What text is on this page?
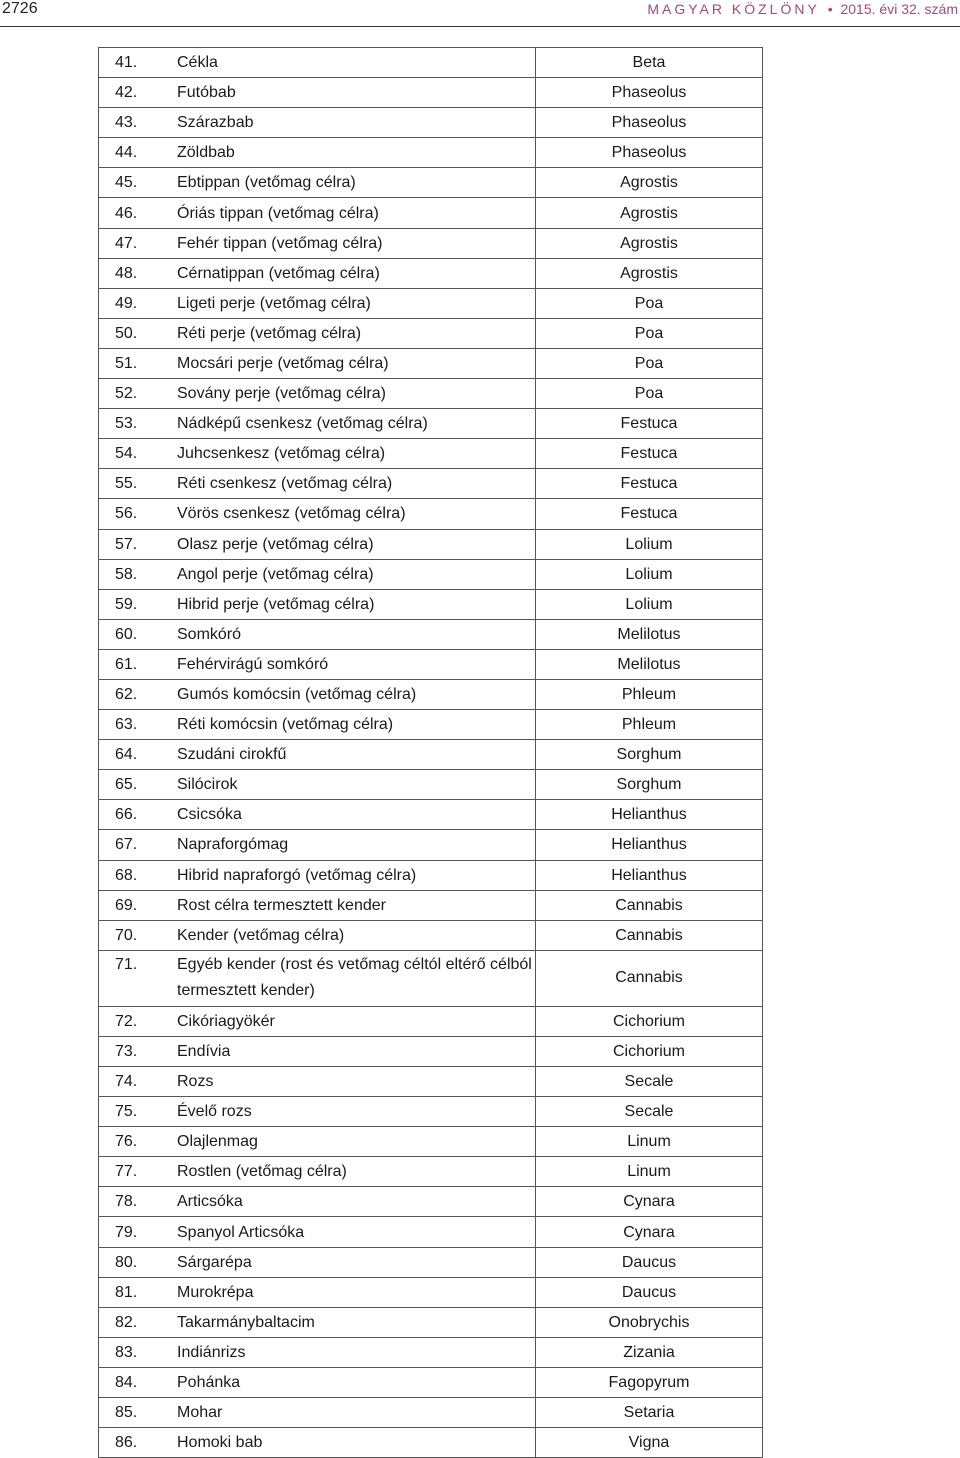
2726	MAGYAR KÖZLÖNY • 2015. évi 32. szám
41.	Cékla	Beta
42.	Futóbab	Phaseolus
43.	Szárazbab	Phaseolus
44.	Zöldbab	Phaseolus
45.	Ebtippan (vetőmag célra)	Agrostis
46.	Óriás tippan (vetőmag célra)	Agrostis
47.	Fehér tippan (vetőmag célra)	Agrostis
48.	Cérnatippan (vetőmag célra)	Agrostis
49.	Ligeti perje (vetőmag célra)	Poa
50.	Réti perje (vetőmag célra)	Poa
51.	Mocsári perje (vetőmag célra)	Poa
52.	Sovány perje (vetőmag célra)	Poa
53.	Nádképű csenkesz (vetőmag célra)	Festuca
54.	Juhcsenkesz (vetőmag célra)	Festuca
55.	Réti csenkesz (vetőmag célra)	Festuca
56.	Vörös csenkesz (vetőmag célra)	Festuca
57.	Olasz perje (vetőmag célra)	Lolium
58.	Angol perje (vetőmag célra)	Lolium
59.	Hibrid perje (vetőmag célra)	Lolium
60.	Somkóró	Melilotus
61.	Fehérvirágú somkóró	Melilotus
62.	Gumós komócsin (vetőmag célra)	Phleum
63.	Réti komócsin (vetőmag célra)	Phleum
64.	Szudáni cirokfű	Sorghum
65.	Silócirok	Sorghum
66.	Csicsóka	Helianthus
67.	Napraforgómag	Helianthus
68.	Hibrid napraforgó (vetőmag célra)	Helianthus
69.	Rost célra termesztett kender	Cannabis
70.	Kender (vetőmag célra)	Cannabis
71.	Egyéb kender (rost és vetőmag céltól eltérő célból termesztett kender)	Cannabis
72.	Cikóriagyökér	Cichorium
73.	Endívia	Cichorium
74.	Rozs	Secale
75.	Évelő rozs	Secale
76.	Olajlenmag	Linum
77.	Rostlen (vetőmag célra)	Linum
78.	Articsóka	Cynara
79.	Spanyol Articsóka	Cynara
80.	Sárgarépa	Daucus
81.	Murokrépa	Daucus
82.	Takarmánybaltacim	Onobrychis
83.	Indiánrizs	Zizania
84.	Pohánka	Fagopyrum
85.	Mohar	Setaria
86.	Homoki bab	Vigna
